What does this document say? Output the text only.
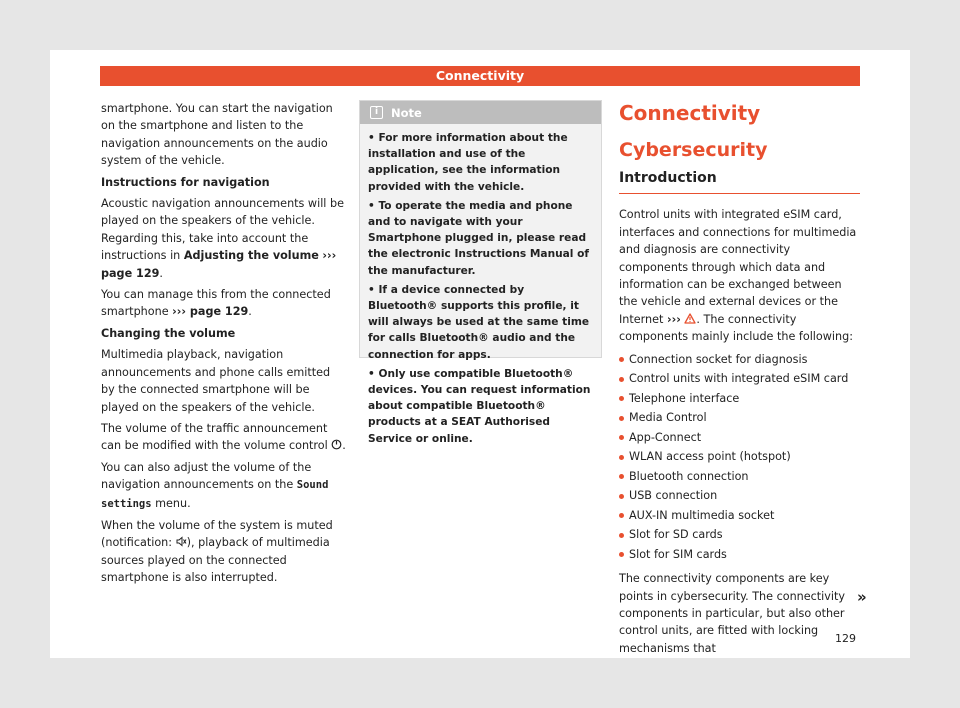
Connectivity

smartphone. You can start the navigation on the smartphone and listen to the navigation announcements on the audio system of the vehicle.

Instructions for navigation

Acoustic navigation announcements will be played on the speakers of the vehicle. Regarding this, take into account the instructions in Adjusting the volume ››› page 129.

You can manage this from the connected smartphone ››› page 129.

Changing the volume

Multimedia playback, navigation announcements and phone calls emitted by the connected smartphone will be played on the speakers of the vehicle.

The volume of the traffic announcement can be modified with the volume control .

You can also adjust the volume of the navigation announcements on the Sound settings menu.

When the volume of the system is muted (notification: ), playback of multimedia sources played on the connected smartphone is also interrupted.

i	Note

• For more information about the installation and use of the application, see the information provided with the vehicle.

• To operate the media and phone and to navigate with your Smartphone plugged in, please read the electronic Instructions Manual of the manufacturer.

• If a device connected by Bluetooth® supports this profile, it will always be used at the same time for calls Bluetooth® audio and the connection for apps.

• Only use compatible Bluetooth® devices. You can request information about compatible Bluetooth® products at a SEAT Authorised Service or online.

Connectivity
Cybersecurity
Introduction

Control units with integrated eSIM card, interfaces and connections for multimedia and diagnosis are connectivity components through which data and information can be exchanged between the vehicle and external devices or the Internet ››› . The connectivity components mainly include the following:

Connection socket for diagnosis
Control units with integrated eSIM card
Telephone interface
Media Control
App-Connect
WLAN access point (hotspot)
Bluetooth connection
USB connection
AUX-IN multimedia socket
Slot for SD cards
Slot for SIM cards

The connectivity components are key points in cybersecurity. The connectivity components in particular, but also other control units, are fitted with locking mechanisms that

»
129
